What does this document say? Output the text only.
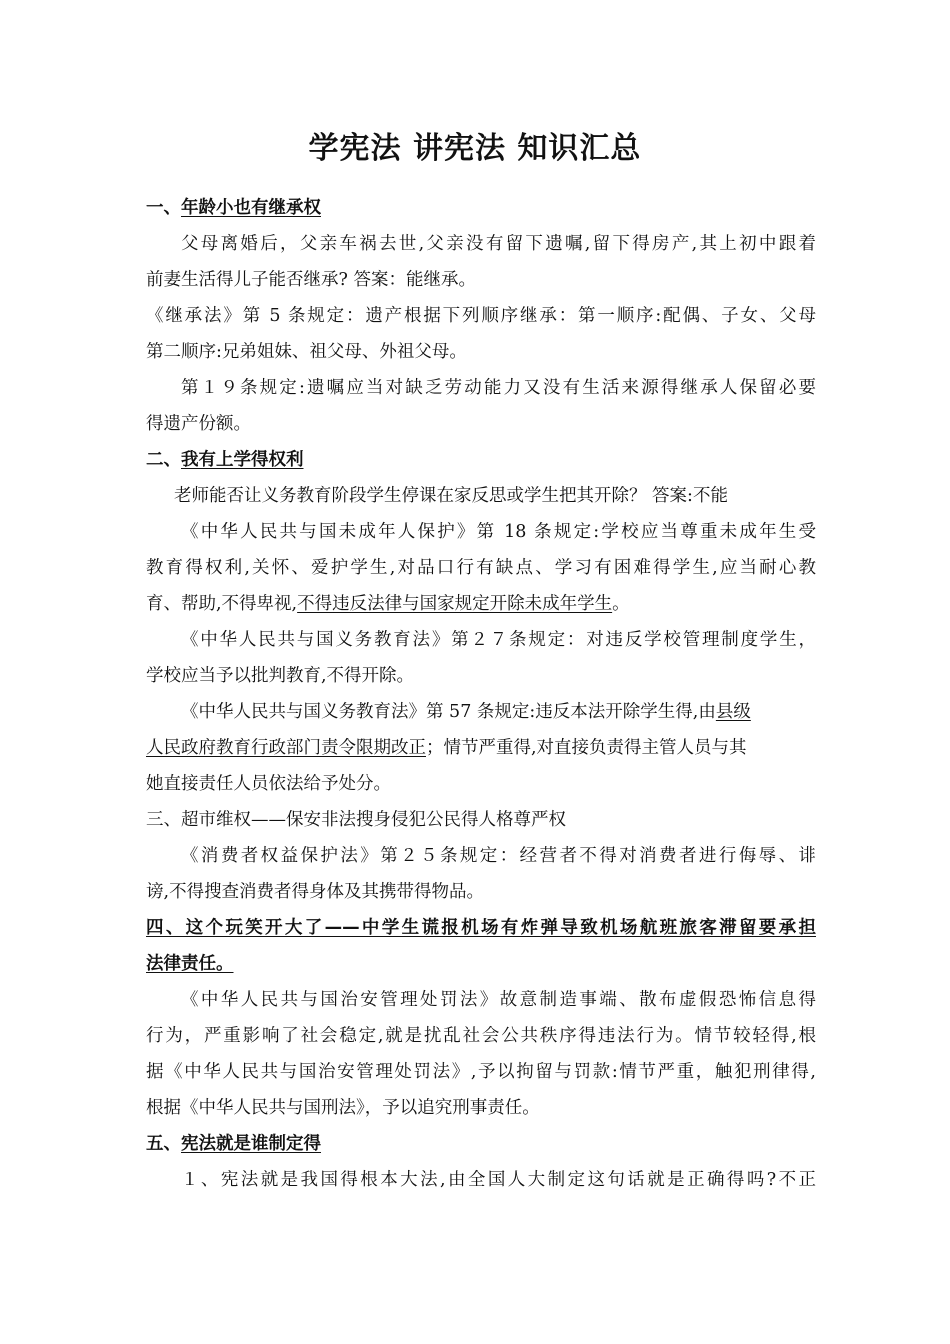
学宪法 讲宪法 知识汇总
一、年龄小也有继承权
父母离婚后，父亲车祸去世,父亲没有留下遗嘱,留下得房产,其上初中跟着
前妻生活得儿子能否继承? 答案：能继承。
《继承法》第 5 条规定：遗产根据下列顺序继承：第一顺序:配偶、子女、父母
第二顺序:兄弟姐妹、祖父母、外祖父母。
第１９条规定:遗嘱应当对缺乏劳动能力又没有生活来源得继承人保留必要
得遗产份额。
二、我有上学得权利
老师能否让义务教育阶段学生停课在家反思或学生把其开除？ 答案:不能
《中华人民共与国未成年人保护》第 18 条规定:学校应当尊重未成年生受
教育得权利,关怀、爱护学生,对品口行有缺点、学习有困难得学生,应当耐心教
育、帮助,不得卑视,不得违反法律与国家规定开除未成年学生。
《中华人民共与国义务教育法》第２７条规定：对违反学校管理制度学生，
学校应当予以批判教育,不得开除。
《中华人民共与国义务教育法》第 57 条规定:违反本法开除学生得,由县级
人民政府教育行政部门责令限期改正；情节严重得,对直接负责得主管人员与其
她直接责任人员依法给予处分。
三、超市维权——保安非法搜身侵犯公民得人格尊严权
《消费者权益保护法》第２５条规定：经营者不得对消费者进行侮辱、诽
谤,不得搜查消费者得身体及其携带得物品。
四、这个玩笑开大了——中学生谎报机场有炸弹导致机场航班旅客滞留要承担
法律责任。
《中华人民共与国治安管理处罚法》故意制造事端、散布虚假恐怖信息得
行为，严重影响了社会稳定,就是扰乱社会公共秩序得违法行为。情节较轻得,根
据《中华人民共与国治安管理处罚法》,予以拘留与罚款:情节严重，触犯刑律得,
根据《中华人民共与国刑法》，予以追究刑事责任。
五、宪法就是谁制定得
１、宪法就是我国得根本大法,由全国人大制定这句话就是正确得吗?不正
